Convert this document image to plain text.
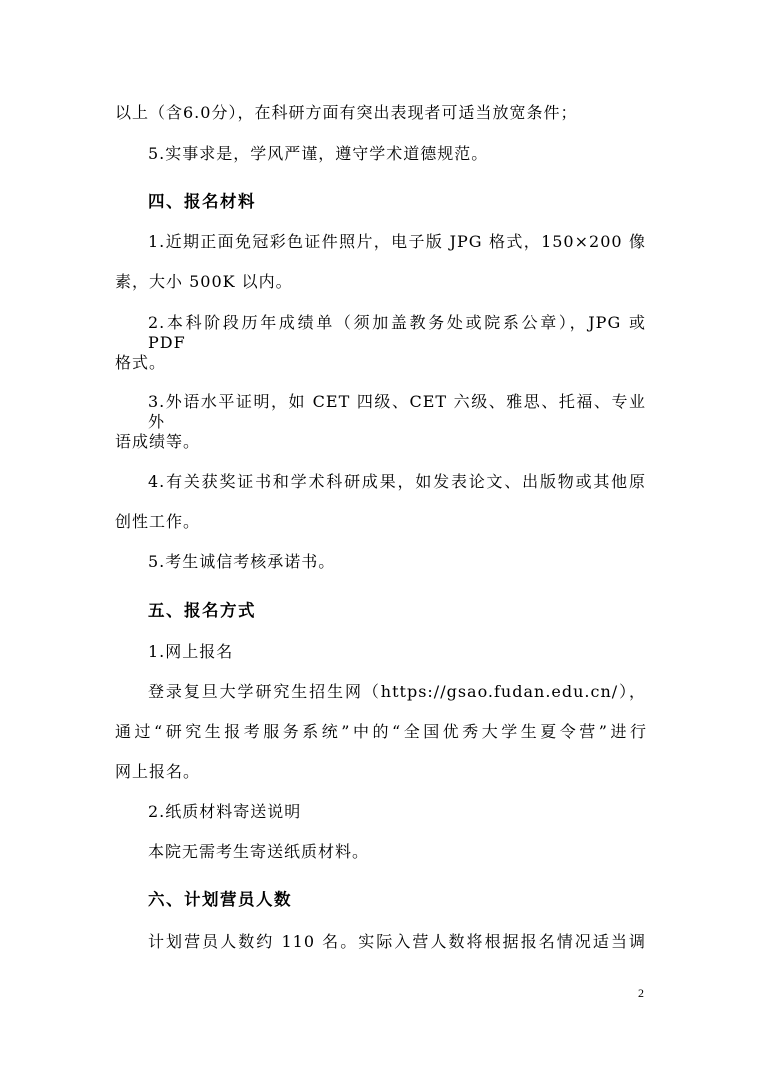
以上（含6.0分），在科研方面有突出表现者可适当放宽条件；
5.实事求是，学风严谨，遵守学术道德规范。
四、报名材料
1.近期正面免冠彩色证件照片，电子版 JPG 格式，150×200 像
素，大小 500K 以内。
2.本科阶段历年成绩单（须加盖教务处或院系公章），JPG 或 PDF
格式。
3.外语水平证明，如 CET 四级、CET 六级、雅思、托福、专业外
语成绩等。
4.有关获奖证书和学术科研成果，如发表论文、出版物或其他原
创性工作。
5.考生诚信考核承诺书。
五、报名方式
1.网上报名
登录复旦大学研究生招生网（https://gsao.fudan.edu.cn/），
通过“研究生报考服务系统”中的“全国优秀大学生夏令营”进行
网上报名。
2.纸质材料寄送说明
本院无需考生寄送纸质材料。
六、计划营员人数
计划营员人数约 110 名。实际入营人数将根据报名情况适当调
2
